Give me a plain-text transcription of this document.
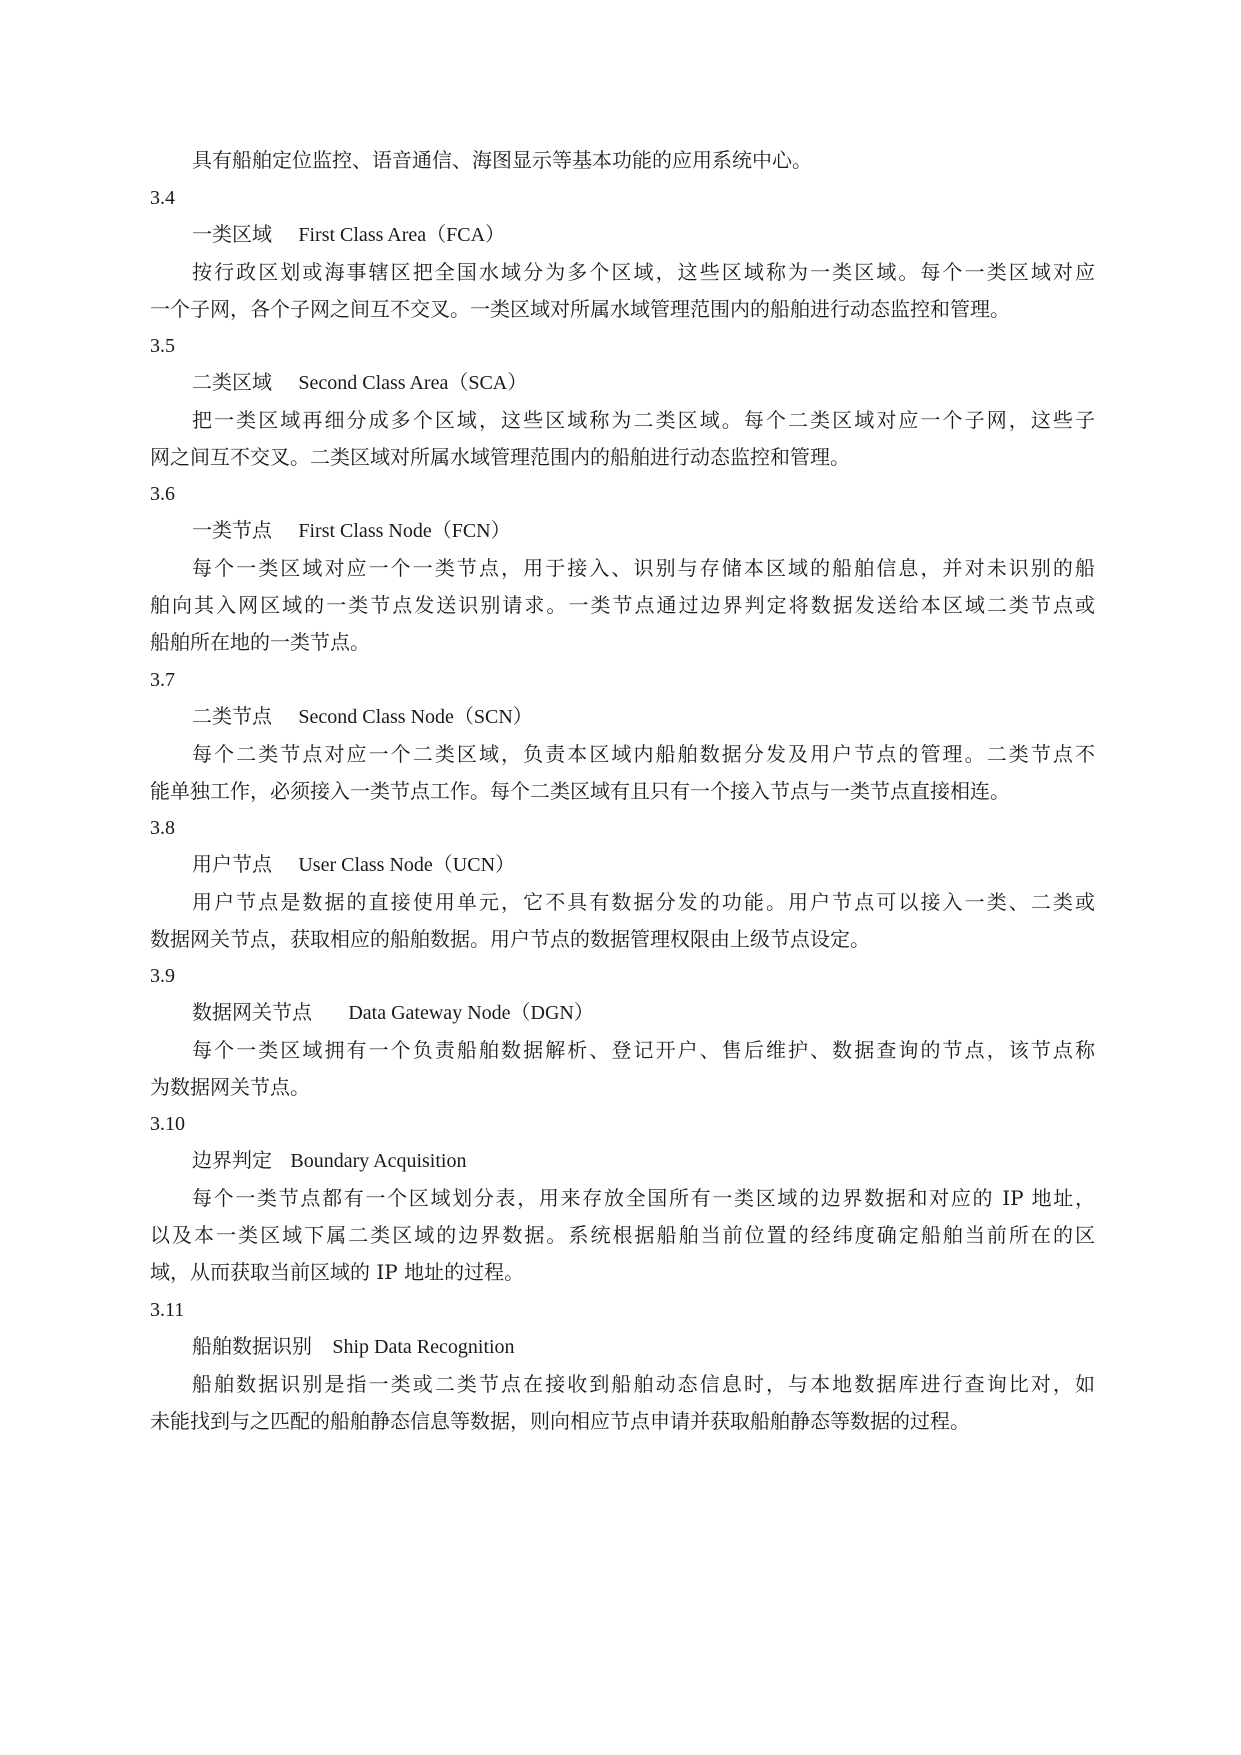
具有船舶定位监控、语音通信、海图显示等基本功能的应用系统中心。
3.4
一类区域 First Class Area（FCA）
按行政区划或海事辖区把全国水域分为多个区域，这些区域称为一类区域。每个一类区域对应
一个子网，各个子网之间互不交叉。一类区域对所属水域管理范围内的船舶进行动态监控和管理。
3.5
二类区域 Second Class Area（SCA）
把一类区域再细分成多个区域，这些区域称为二类区域。每个二类区域对应一个子网，这些子
网之间互不交叉。二类区域对所属水域管理范围内的船舶进行动态监控和管理。
3.6
一类节点 First Class Node（FCN）
每个一类区域对应一个一类节点，用于接入、识别与存储本区域的船舶信息，并对未识别的船
舶向其入网区域的一类节点发送识别请求。一类节点通过边界判定将数据发送给本区域二类节点或
船舶所在地的一类节点。
3.7
二类节点 Second Class Node（SCN）
每个二类节点对应一个二类区域，负责本区域内船舶数据分发及用户节点的管理。二类节点不
能单独工作，必须接入一类节点工作。每个二类区域有且只有一个接入节点与一类节点直接相连。
3.8
用户节点 User Class Node（UCN）
用户节点是数据的直接使用单元，它不具有数据分发的功能。用户节点可以接入一类、二类或
数据网关节点，获取相应的船舶数据。用户节点的数据管理权限由上级节点设定。
3.9
数据网关节点 Data Gateway Node（DGN）
每个一类区域拥有一个负责船舶数据解析、登记开户、售后维护、数据查询的节点，该节点称
为数据网关节点。
3.10
边界判定 Boundary Acquisition
每个一类节点都有一个区域划分表，用来存放全国所有一类区域的边界数据和对应的 IP 地址，
以及本一类区域下属二类区域的边界数据。系统根据船舶当前位置的经纬度确定船舶当前所在的区
域，从而获取当前区域的 IP 地址的过程。
3.11
船舶数据识别 Ship Data Recognition
船舶数据识别是指一类或二类节点在接收到船舶动态信息时，与本地数据库进行查询比对，如
未能找到与之匹配的船舶静态信息等数据，则向相应节点申请并获取船舶静态等数据的过程。
